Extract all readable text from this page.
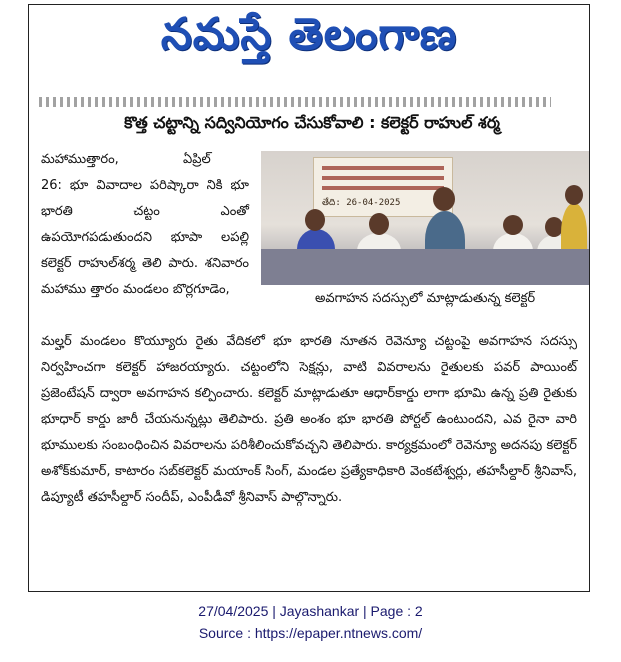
నమస్తే తెలంగాణ
కొత్త చట్టాన్ని సద్వినియోగం చేసుకోవాలి : కలెక్టర్ రాహుల్ శర్మ
మహాముత్తారం,	ఏప్రిల్
26: భూ వివాదాల పరిష్కారా నికి భూ భారతి చట్టం ఎంతో ఉపయోగపడుతుందని భూపా లపల్లి కలెక్టర్ రాహుల్‌శర్మ తెలి పారు. శనివారం మహాము త్తారం మండలం బొర్లగూడెం,
తేది: 26-04-2025
అవగాహన సదస్సులో మాట్లాడుతున్న కలెక్టర్

మల్హర్ మండలం కొయ్యూరు రైతు వేదికలో భూ భారతి నూతన రెవెన్యూ చట్టంపై అవగాహన సదస్సు నిర్వహించగా కలెక్టర్ హాజరయ్యారు. చట్టంలోని సెక్షన్లు, వాటి వివరాలను రైతులకు పవర్ పాయింట్ ప్రజెంటేషన్ ద్వారా అవగాహన కల్పించారు. కలెక్టర్ మాట్లాడుతూ ఆధార్‌కార్డు లాగా భూమి ఉన్న ప్రతి రైతుకు భూధార్ కార్డు జారీ చేయనున్నట్లు తెలిపారు. ప్రతి అంశం భూ భారతి పోర్టల్ ఉంటుందని, ఎవ రైనా వారి భూములకు సంబంధించిన వివరాలను పరిశీలించుకోవచ్చని తెలిపారు. కార్యక్రమంలో రెవెన్యూ అదనపు కలెక్టర్ అశోక్‌కుమార్, కాటారం సబ్‌కలెక్టర్ మయాంక్ సింగ్, మండల ప్రత్యేకాధికారి వెంకటేశ్వర్లు, తహసీల్దార్ శ్రీనివాస్, డిప్యూటీ తహసీల్దార్ సందీప్, ఎంపీడీవో శ్రీనివాస్ పాల్గొన్నారు.

27/04/2025 | Jayashankar | Page : 2
Source : https://epaper.ntnews.com/
